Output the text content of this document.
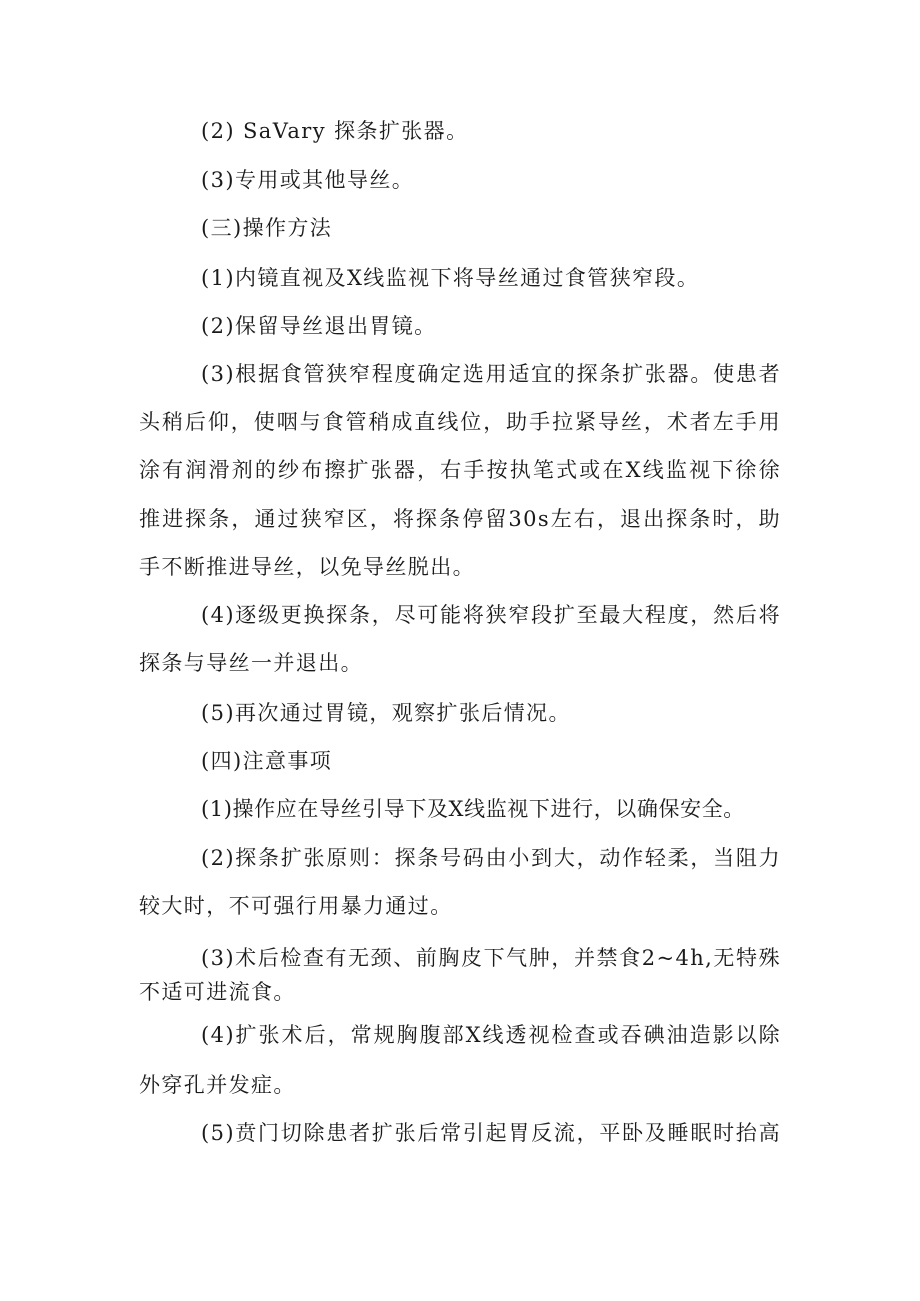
(2) SaVary 探条扩张器。

(3)专用或其他导丝。

(三)操作方法

(1)内镜直视及X线监视下将导丝通过食管狭窄段。

(2)保留导丝退出胃镜。

(3)根据食管狭窄程度确定选用适宜的探条扩张器。使患者

头稍后仰，使咽与食管稍成直线位，助手拉紧导丝，术者左手用

涂有润滑剂的纱布擦扩张器，右手按执笔式或在X线监视下徐徐

推进探条，通过狭窄区，将探条停留30s左右，退出探条时，助

手不断推进导丝，以免导丝脱出。

(4)逐级更换探条，尽可能将狭窄段扩至最大程度，然后将

探条与导丝一并退出。

(5)再次通过胃镜，观察扩张后情况。

(四)注意事项

(1)操作应在导丝引导下及X线监视下进行，以确保安全。

(2)探条扩张原则：探条号码由小到大，动作轻柔，当阻力

较大时，不可强行用暴力通过。

(3)术后检查有无颈、前胸皮下气肿，并禁食2~4h,无特殊

不适可进流食。

(4)扩张术后，常规胸腹部X线透视检查或吞碘油造影以除

外穿孔并发症。

(5)贲门切除患者扩张后常引起胃反流，平卧及睡眠时抬高
